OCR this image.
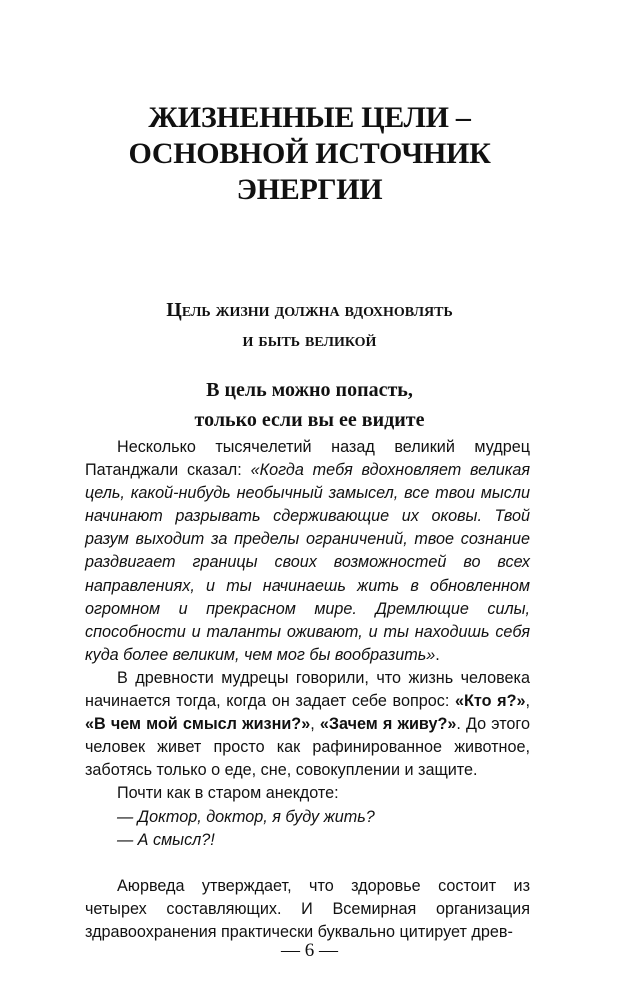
ЖИЗНЕННЫЕ ЦЕЛИ –
ОСНОВНОЙ ИСТОЧНИК
ЭНЕРГИИ
Цель жизни должна вдохновлять
и быть великой
В цель можно попасть,
только если вы ее видите

Несколько тысячелетий назад великий мудрец Патанджали сказал: «Когда тебя вдохновляет великая цель, какой-нибудь необычный замысел, все твои мысли начинают разрывать сдерживающие их оковы. Твой разум выходит за пределы ограничений, твое сознание раздвигает границы своих возможностей во всех направлениях, и ты начинаешь жить в обновленном огромном и прекрасном мире. Дремлющие силы, способности и таланты оживают, и ты находишь себя куда более великим, чем мог бы вообразить».

В древности мудрецы говорили, что жизнь человека начинается тогда, когда он задает себе вопрос: «Кто я?», «В чем мой смысл жизни?», «Зачем я живу?». До этого человек живет просто как рафинированное животное, заботясь только о еде, сне, совокуплении и защите.

Почти как в старом анекдоте:

— Доктор, доктор, я буду жить?

— А смысл?!

Аюрведа утверждает, что здоровье состоит из четырех составляющих. И Всемирная организация здравоохранения практически буквально цитирует древ-

— 6 —
